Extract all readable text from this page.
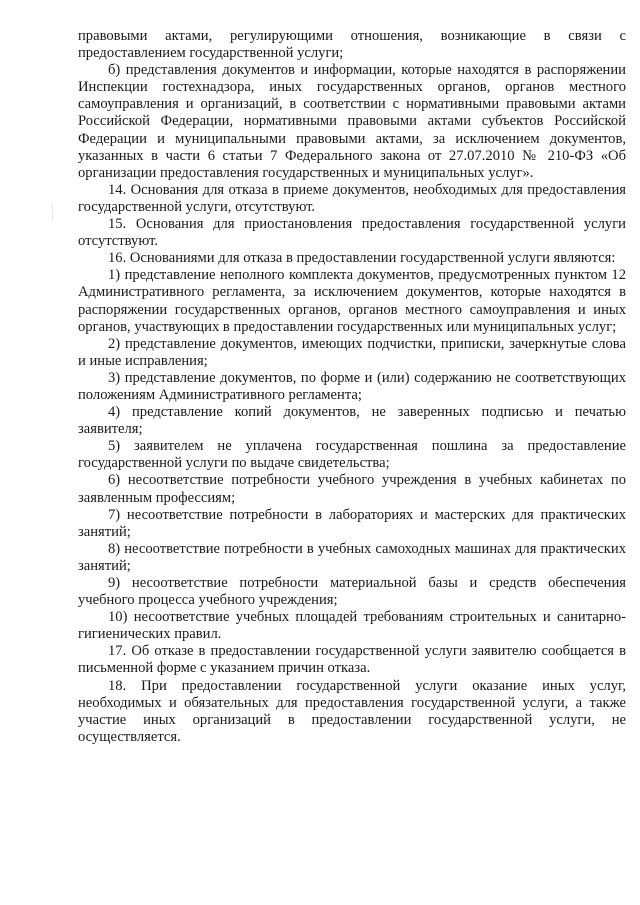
правовыми актами, регулирующими отношения, возникающие в связи с предоставлением государственной услуги;

б) представления документов и информации, которые находятся в распоряжении Инспекции гостехнадзора, иных государственных органов, органов местного самоуправления и организаций, в соответствии с нормативными правовыми актами Российской Федерации, нормативными правовыми актами субъектов Российской Федерации и муниципальными правовыми актами, за исключением документов, указанных в части 6 статьи 7 Федерального закона от 27.07.2010 № 210-ФЗ «Об организации предоставления государственных и муниципальных услуг».

14. Основания для отказа в приеме документов, необходимых для предоставления государственной услуги, отсутствуют.

15. Основания для приостановления предоставления государственной услуги отсутствуют.

16. Основаниями для отказа в предоставлении государственной услуги являются:

1) представление неполного комплекта документов, предусмотренных пунктом 12 Административного регламента, за исключением документов, которые находятся в распоряжении государственных органов, органов местного самоуправления и иных органов, участвующих в предоставлении государственных или муниципальных услуг;

2) представление документов, имеющих подчистки, приписки, зачеркнутые слова и иные исправления;

3) представление документов, по форме и (или) содержанию не соответствующих положениям Административного регламента;

4) представление копий документов, не заверенных подписью и печатью заявителя;

5) заявителем не уплачена государственная пошлина за предоставление государственной услуги по выдаче свидетельства;

6) несоответствие потребности учебного учреждения в учебных кабинетах по заявленным профессиям;

7) несоответствие потребности в лабораториях и мастерских для практических занятий;

8) несоответствие потребности в учебных самоходных машинах для практических занятий;

9) несоответствие потребности материальной базы и средств обеспечения учебного процесса учебного учреждения;

10) несоответствие учебных площадей требованиям строительных и санитарно-гигиенических правил.

17. Об отказе в предоставлении государственной услуги заявителю сообщается в письменной форме с указанием причин отказа.

18. При предоставлении государственной услуги оказание иных услуг, необходимых и обязательных для предоставления государственной услуги, а также участие иных организаций в предоставлении государственной услуги, не осуществляется.
